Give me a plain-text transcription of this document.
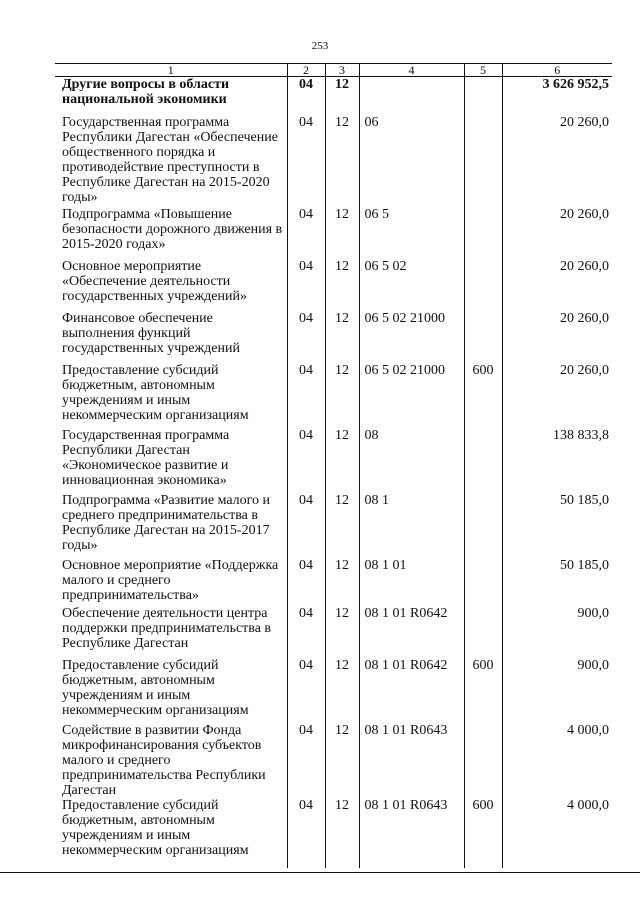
253
1	2	3	4	5	6
Другие вопросы в области национальной экономики	04	12			3 626 952,5
Государственная программа Республики Дагестан «Обеспечение общественного порядка и противодействие преступности в Республике Дагестан на 2015-2020 годы»	04	12	06		20 260,0
Подпрограмма «Повышение безопасности дорожного движения в 2015-2020 годах»	04	12	06 5		20 260,0
Основное мероприятие «Обеспечение деятельности государственных учреждений»	04	12	06 5 02		20 260,0
Финансовое обеспечение выполнения функций государственных учреждений	04	12	06 5 02 21000		20 260,0
Предоставление субсидий бюджетным, автономным учреждениям и иным некоммерческим организациям	04	12	06 5 02 21000	600	20 260,0
Государственная программа Республики Дагестан «Экономическое развитие и инновационная экономика»	04	12	08		138 833,8
Подпрограмма «Развитие малого и среднего предпринимательства в Республике Дагестан на 2015-2017 годы»	04	12	08 1		50 185,0
Основное мероприятие «Поддержка малого и среднего предпринимательства»	04	12	08 1 01		50 185,0
Обеспечение деятельности центра поддержки предпринимательства в Республике Дагестан	04	12	08 1 01 R0642		900,0
Предоставление субсидий бюджетным, автономным учреждениям и иным некоммерческим организациям	04	12	08 1 01 R0642	600	900,0
Содействие в развитии Фонда микрофинансирования субъектов малого и среднего предпринимательства Республики Дагестан	04	12	08 1 01 R0643		4 000,0
Предоставление субсидий бюджетным, автономным учреждениям и иным некоммерческим организациям	04	12	08 1 01 R0643	600	4 000,0
